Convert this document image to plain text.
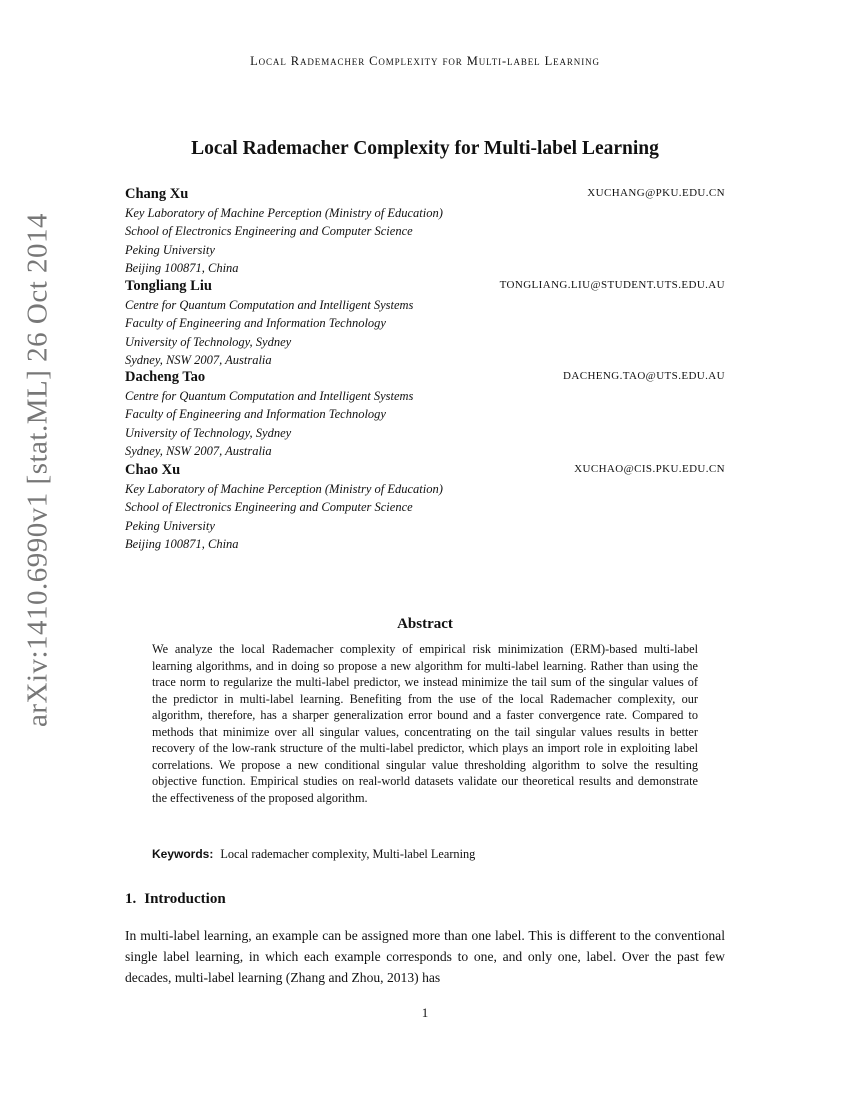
Local Rademacher Complexity for Multi-label Learning
arXiv:1410.6990v1 [stat.ML] 26 Oct 2014
Local Rademacher Complexity for Multi-label Learning
Chang Xu	XUCHANG@PKU.EDU.CN
Key Laboratory of Machine Perception (Ministry of Education)
School of Electronics Engineering and Computer Science
Peking University
Beijing 100871, China
Tongliang Liu	TONGLIANG.LIU@STUDENT.UTS.EDU.AU
Centre for Quantum Computation and Intelligent Systems
Faculty of Engineering and Information Technology
University of Technology, Sydney
Sydney, NSW 2007, Australia
Dacheng Tao	DACHENG.TAO@UTS.EDU.AU
Centre for Quantum Computation and Intelligent Systems
Faculty of Engineering and Information Technology
University of Technology, Sydney
Sydney, NSW 2007, Australia
Chao Xu	XUCHAO@CIS.PKU.EDU.CN
Key Laboratory of Machine Perception (Ministry of Education)
School of Electronics Engineering and Computer Science
Peking University
Beijing 100871, China
Abstract
We analyze the local Rademacher complexity of empirical risk minimization (ERM)-based multi-label learning algorithms, and in doing so propose a new algorithm for multi-label learning. Rather than using the trace norm to regularize the multi-label predictor, we instead minimize the tail sum of the singular values of the predictor in multi-label learning. Benefiting from the use of the local Rademacher complexity, our algorithm, therefore, has a sharper generalization error bound and a faster convergence rate. Compared to methods that minimize over all singular values, concentrating on the tail singular values results in better recovery of the low-rank structure of the multi-label predictor, which plays an import role in exploiting label correlations. We propose a new conditional singular value thresholding algorithm to solve the resulting objective function. Empirical studies on real-world datasets validate our theoretical results and demonstrate the effectiveness of the proposed algorithm.
Keywords: Local rademacher complexity, Multi-label Learning
1. Introduction
In multi-label learning, an example can be assigned more than one label. This is different to the conventional single label learning, in which each example corresponds to one, and only one, label. Over the past few decades, multi-label learning (Zhang and Zhou, 2013) has
1
